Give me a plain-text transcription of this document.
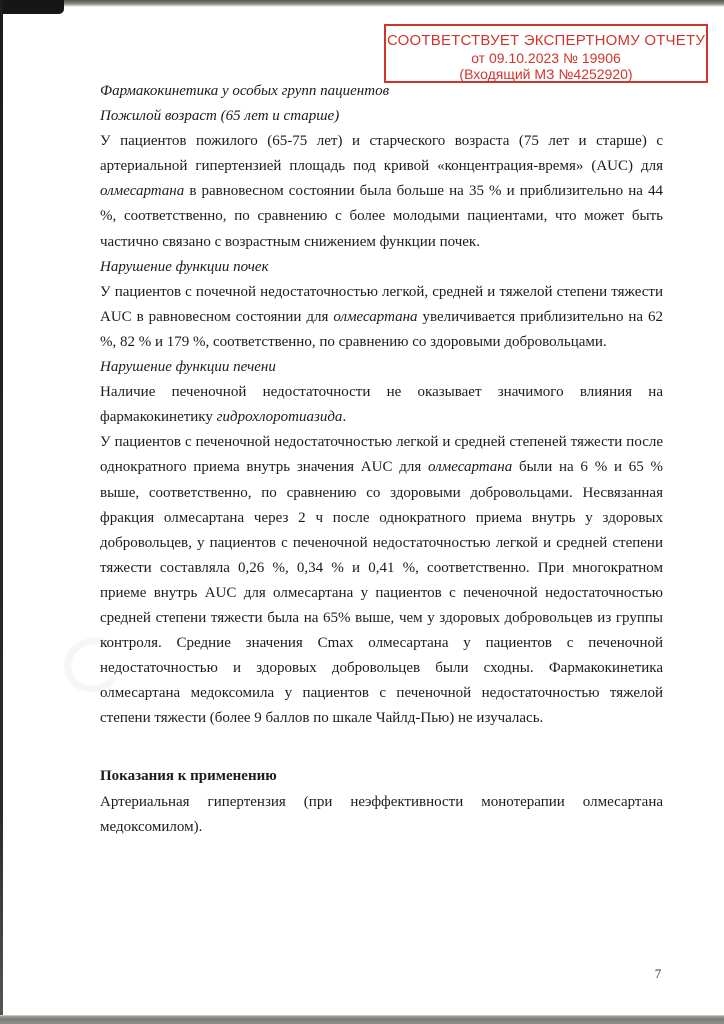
СООТВЕТСТВУЕТ ЭКСПЕРТНОМУ ОТЧЕТУ
от 09.10.2023 № 19906
(Входящий МЗ №4252920)

Фармакокинетика у особых групп пациентов

Пожилой возраст (65 лет и старше)

У пациентов пожилого (65-75 лет) и старческого возраста (75 лет и старше) с артериальной гипертензией площадь под кривой «концентрация-время» (AUC) для олмесартана в равновесном состоянии была больше на 35 % и приблизительно на 44 %, соответственно, по сравнению с более молодыми пациентами, что может быть частично связано с возрастным снижением функции почек.

Нарушение функции почек

У пациентов с почечной недостаточностью легкой, средней и тяжелой степени тяжести AUC в равновесном состоянии для олмесартана увеличивается приблизительно на 62 %, 82 % и 179 %, соответственно, по сравнению со здоровыми добровольцами.

Нарушение функции печени

Наличие печеночной недостаточности не оказывает значимого влияния на фармакокинетику гидрохлоротиазида.

У пациентов с печеночной недостаточностью легкой и средней степеней тяжести после однократного приема внутрь значения AUC для олмесартана были на 6 % и 65 % выше, соответственно, по сравнению со здоровыми добровольцами. Несвязанная фракция олмесартана через 2 ч после однократного приема внутрь у здоровых добровольцев, у пациентов с печеночной недостаточностью легкой и средней степени тяжести составляла 0,26 %, 0,34 % и 0,41 %, соответственно. При многократном приеме внутрь AUC для олмесартана у пациентов с печеночной недостаточностью средней степени тяжести была на 65% выше, чем у здоровых добровольцев из группы контроля. Средние значения Cmax олмесартана у пациентов с печеночной недостаточностью и здоровых добровольцев были сходны. Фармакокинетика олмесартана медоксомила у пациентов с печеночной недостаточностью тяжелой степени тяжести (более 9 баллов по шкале Чайлд-Пью) не изучалась.

Показания к применению

Артериальная гипертензия (при неэффективности монотерапии олмесартана медоксомилом).

7
